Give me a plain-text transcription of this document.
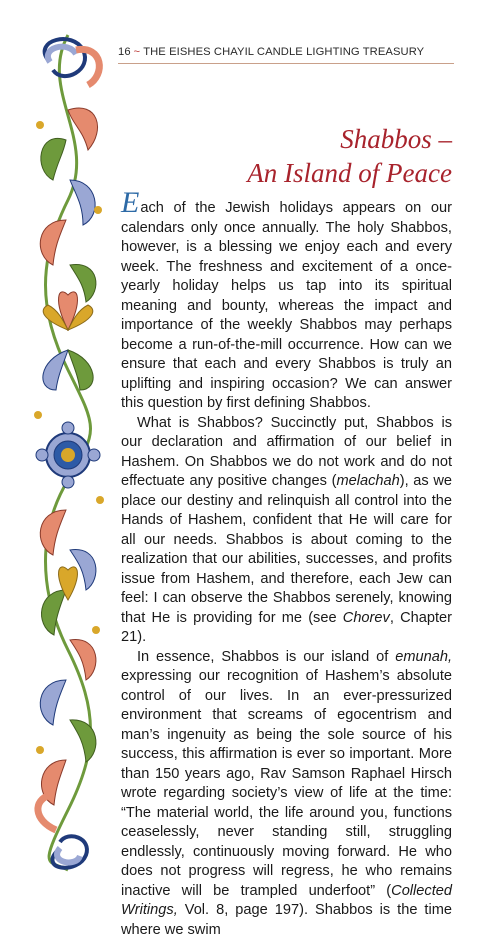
16 ~ THE EISHES CHAYIL CANDLE LIGHTING TREASURY
Shabbos –
An Island of Peace

Each of the Jewish holidays appears on our calendars only once annually. The holy Shabbos, however, is a blessing we enjoy each and every week. The freshness and excitement of a once-yearly holiday helps us tap into its spiritual meaning and bounty, whereas the impact and importance of the weekly Shabbos may perhaps become a run-of-the-mill occurrence. How can we ensure that each and every Shabbos is truly an uplifting and inspiring occasion? We can answer this question by first defining Shabbos.

What is Shabbos? Succinctly put, Shabbos is our declaration and affirmation of our belief in Hashem. On Shabbos we do not work and do not effectuate any positive changes (melachah), as we place our destiny and relinquish all control into the Hands of Hashem, confident that He will care for all our needs. Shabbos is about coming to the realization that our abilities, successes, and profits issue from Hashem, and therefore, each Jew can feel: I can observe the Shabbos serenely, knowing that He is providing for me (see Chorev, Chapter 21).

In essence, Shabbos is our island of emunah, expressing our recognition of Hashem’s absolute control of our lives. In an ever-pressurized environment that screams of egocentrism and man’s ingenuity as being the sole source of his success, this affirmation is ever so important. More than 150 years ago, Rav Samson Raphael Hirsch wrote regarding society’s view of life at the time: “The material world, the life around you, functions ceaselessly, never standing still, struggling endlessly, continuously moving forward. He who does not progress will regress, he who remains inactive will be trampled underfoot” (Collected Writings, Vol. 8, page 197). Shabbos is the time where we swim
